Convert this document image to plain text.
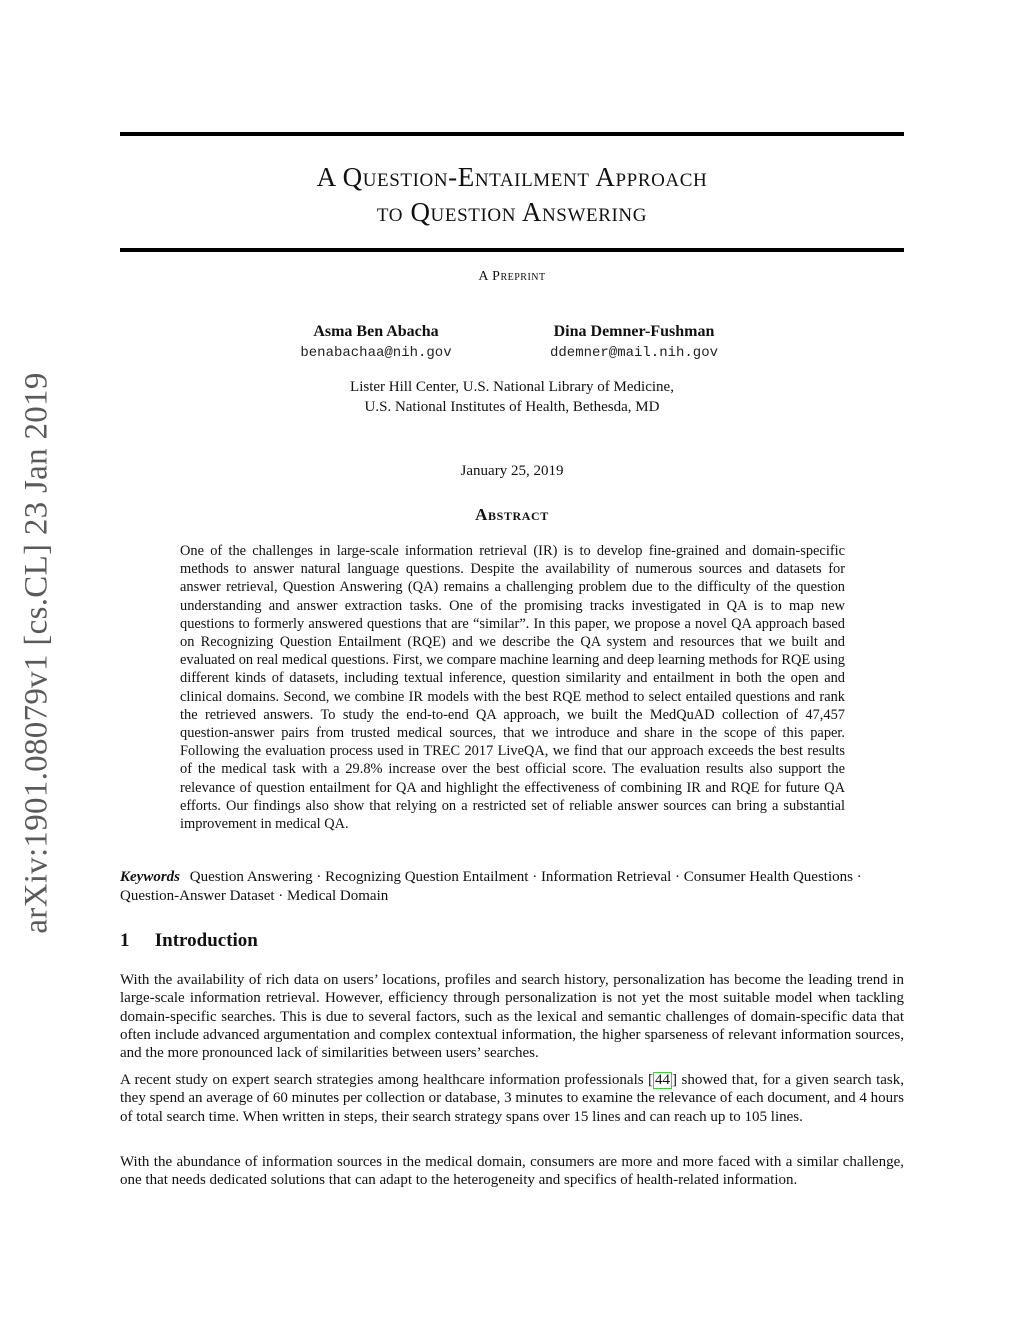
arXiv:1901.08079v1 [cs.CL] 23 Jan 2019
A Question-Entailment Approach
to Question Answering
A Preprint
Asma Ben Abacha
benabachaa@nih.gov
Dina Demner-Fushman
ddemner@mail.nih.gov
Lister Hill Center, U.S. National Library of Medicine,
U.S. National Institutes of Health, Bethesda, MD
January 25, 2019
Abstract
One of the challenges in large-scale information retrieval (IR) is to develop fine-grained and domain-specific methods to answer natural language questions. Despite the availability of numerous sources and datasets for answer retrieval, Question Answering (QA) remains a challenging problem due to the difficulty of the question understanding and answer extraction tasks. One of the promising tracks investigated in QA is to map new questions to formerly answered questions that are “similar”. In this paper, we propose a novel QA approach based on Recognizing Question Entailment (RQE) and we describe the QA system and resources that we built and evaluated on real medical questions. First, we compare machine learning and deep learning methods for RQE using different kinds of datasets, including textual inference, question similarity and entailment in both the open and clinical domains. Second, we combine IR models with the best RQE method to select entailed questions and rank the retrieved answers. To study the end-to-end QA approach, we built the MedQuAD collection of 47,457 question-answer pairs from trusted medical sources, that we introduce and share in the scope of this paper. Following the evaluation process used in TREC 2017 LiveQA, we find that our approach exceeds the best results of the medical task with a 29.8% increase over the best official score. The evaluation results also support the relevance of question entailment for QA and highlight the effectiveness of combining IR and RQE for future QA efforts. Our findings also show that relying on a restricted set of reliable answer sources can bring a substantial improvement in medical QA.
Keywords Question Answering · Recognizing Question Entailment · Information Retrieval · Consumer Health Questions · Question-Answer Dataset · Medical Domain
1 Introduction

With the availability of rich data on users’ locations, profiles and search history, personalization has become the leading trend in large-scale information retrieval. However, efficiency through personalization is not yet the most suitable model when tackling domain-specific searches. This is due to several factors, such as the lexical and semantic challenges of domain-specific data that often include advanced argumentation and complex contextual information, the higher sparseness of relevant information sources, and the more pronounced lack of similarities between users’ searches.

A recent study on expert search strategies among healthcare information professionals [ 44 ] showed that, for a given search task, they spend an average of 60 minutes per collection or database, 3 minutes to examine the relevance of each document, and 4 hours of total search time. When written in steps, their search strategy spans over 15 lines and can reach up to 105 lines.

With the abundance of information sources in the medical domain, consumers are more and more faced with a similar challenge, one that needs dedicated solutions that can adapt to the heterogeneity and specifics of health-related information.
